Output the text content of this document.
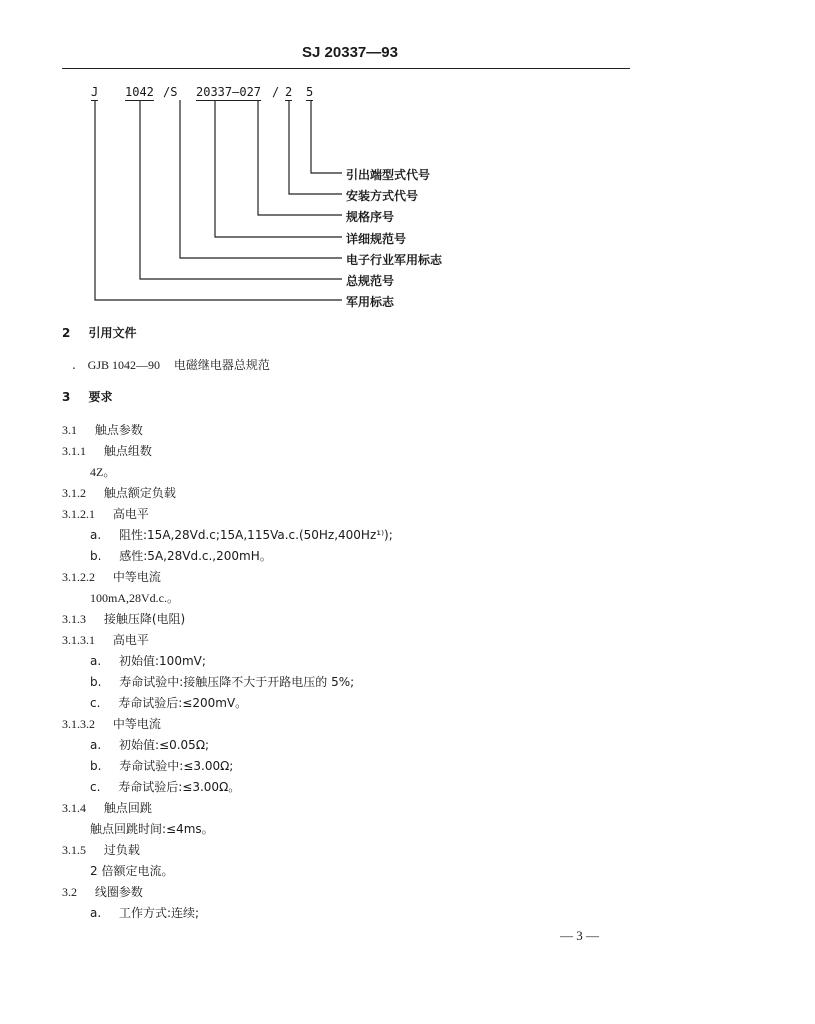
SJ 20337—93
J 1042 /S 20337—027 / 2 5
引出端型式代号
安装方式代号
规格序号
详细规范号
电子行业军用标志
总规范号
军用标志
2 引用文件
. GJB 1042—90 电磁继电器总规范
3 要求
3.1 触点参数
3.1.1 触点组数
4Z。
3.1.2 触点额定负载
3.1.2.1 高电平
a. 阻性:15A,28Vd.c;15A,115Va.c.(50Hz,400Hz¹⁾);
b. 感性:5A,28Vd.c.,200mH。
3.1.2.2 中等电流
100mA,28Vd.c.。
3.1.3 接触压降(电阻)
3.1.3.1 高电平
a. 初始值:100mV;
b. 寿命试验中:接触压降不大于开路电压的 5%;
c. 寿命试验后:≤200mV。
3.1.3.2 中等电流
a. 初始值:≤0.05Ω;
b. 寿命试验中:≤3.00Ω;
c. 寿命试验后:≤3.00Ω。
3.1.4 触点回跳
触点回跳时间:≤4ms。
3.1.5 过负载
2 倍额定电流。
3.2 线圈参数
a. 工作方式:连续;
— 3 —
